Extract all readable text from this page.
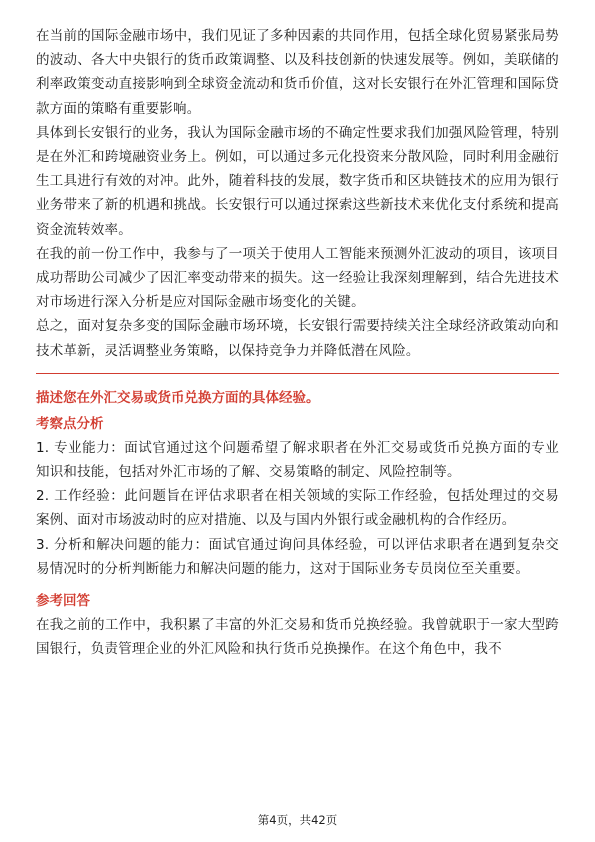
在当前的国际金融市场中，我们见证了多种因素的共同作用，包括全球化贸易紧张局势的波动、各大中央银行的货币政策调整、以及科技创新的快速发展等。例如，美联储的利率政策变动直接影响到全球资金流动和货币价值，这对长安银行在外汇管理和国际贷款方面的策略有重要影响。

具体到长安银行的业务，我认为国际金融市场的不确定性要求我们加强风险管理，特别是在外汇和跨境融资业务上。例如，可以通过多元化投资来分散风险，同时利用金融衍生工具进行有效的对冲。此外，随着科技的发展，数字货币和区块链技术的应用为银行业务带来了新的机遇和挑战。长安银行可以通过探索这些新技术来优化支付系统和提高资金流转效率。

在我的前一份工作中，我参与了一项关于使用人工智能来预测外汇波动的项目，该项目成功帮助公司减少了因汇率变动带来的损失。这一经验让我深刻理解到，结合先进技术对市场进行深入分析是应对国际金融市场变化的关键。

总之，面对复杂多变的国际金融市场环境，长安银行需要持续关注全球经济政策动向和技术革新，灵活调整业务策略，以保持竞争力并降低潜在风险。

描述您在外汇交易或货币兑换方面的具体经验。

考察点分析

1. 专业能力：面试官通过这个问题希望了解求职者在外汇交易或货币兑换方面的专业知识和技能，包括对外汇市场的了解、交易策略的制定、风险控制等。

2. 工作经验：此问题旨在评估求职者在相关领域的实际工作经验，包括处理过的交易案例、面对市场波动时的应对措施、以及与国内外银行或金融机构的合作经历。

3. 分析和解决问题的能力：面试官通过询问具体经验，可以评估求职者在遇到复杂交易情况时的分析判断能力和解决问题的能力，这对于国际业务专员岗位至关重要。

参考回答

在我之前的工作中，我积累了丰富的外汇交易和货币兑换经验。我曾就职于一家大型跨国银行，负责管理企业的外汇风险和执行货币兑换操作。在这个角色中，我不

第4页，共42页
